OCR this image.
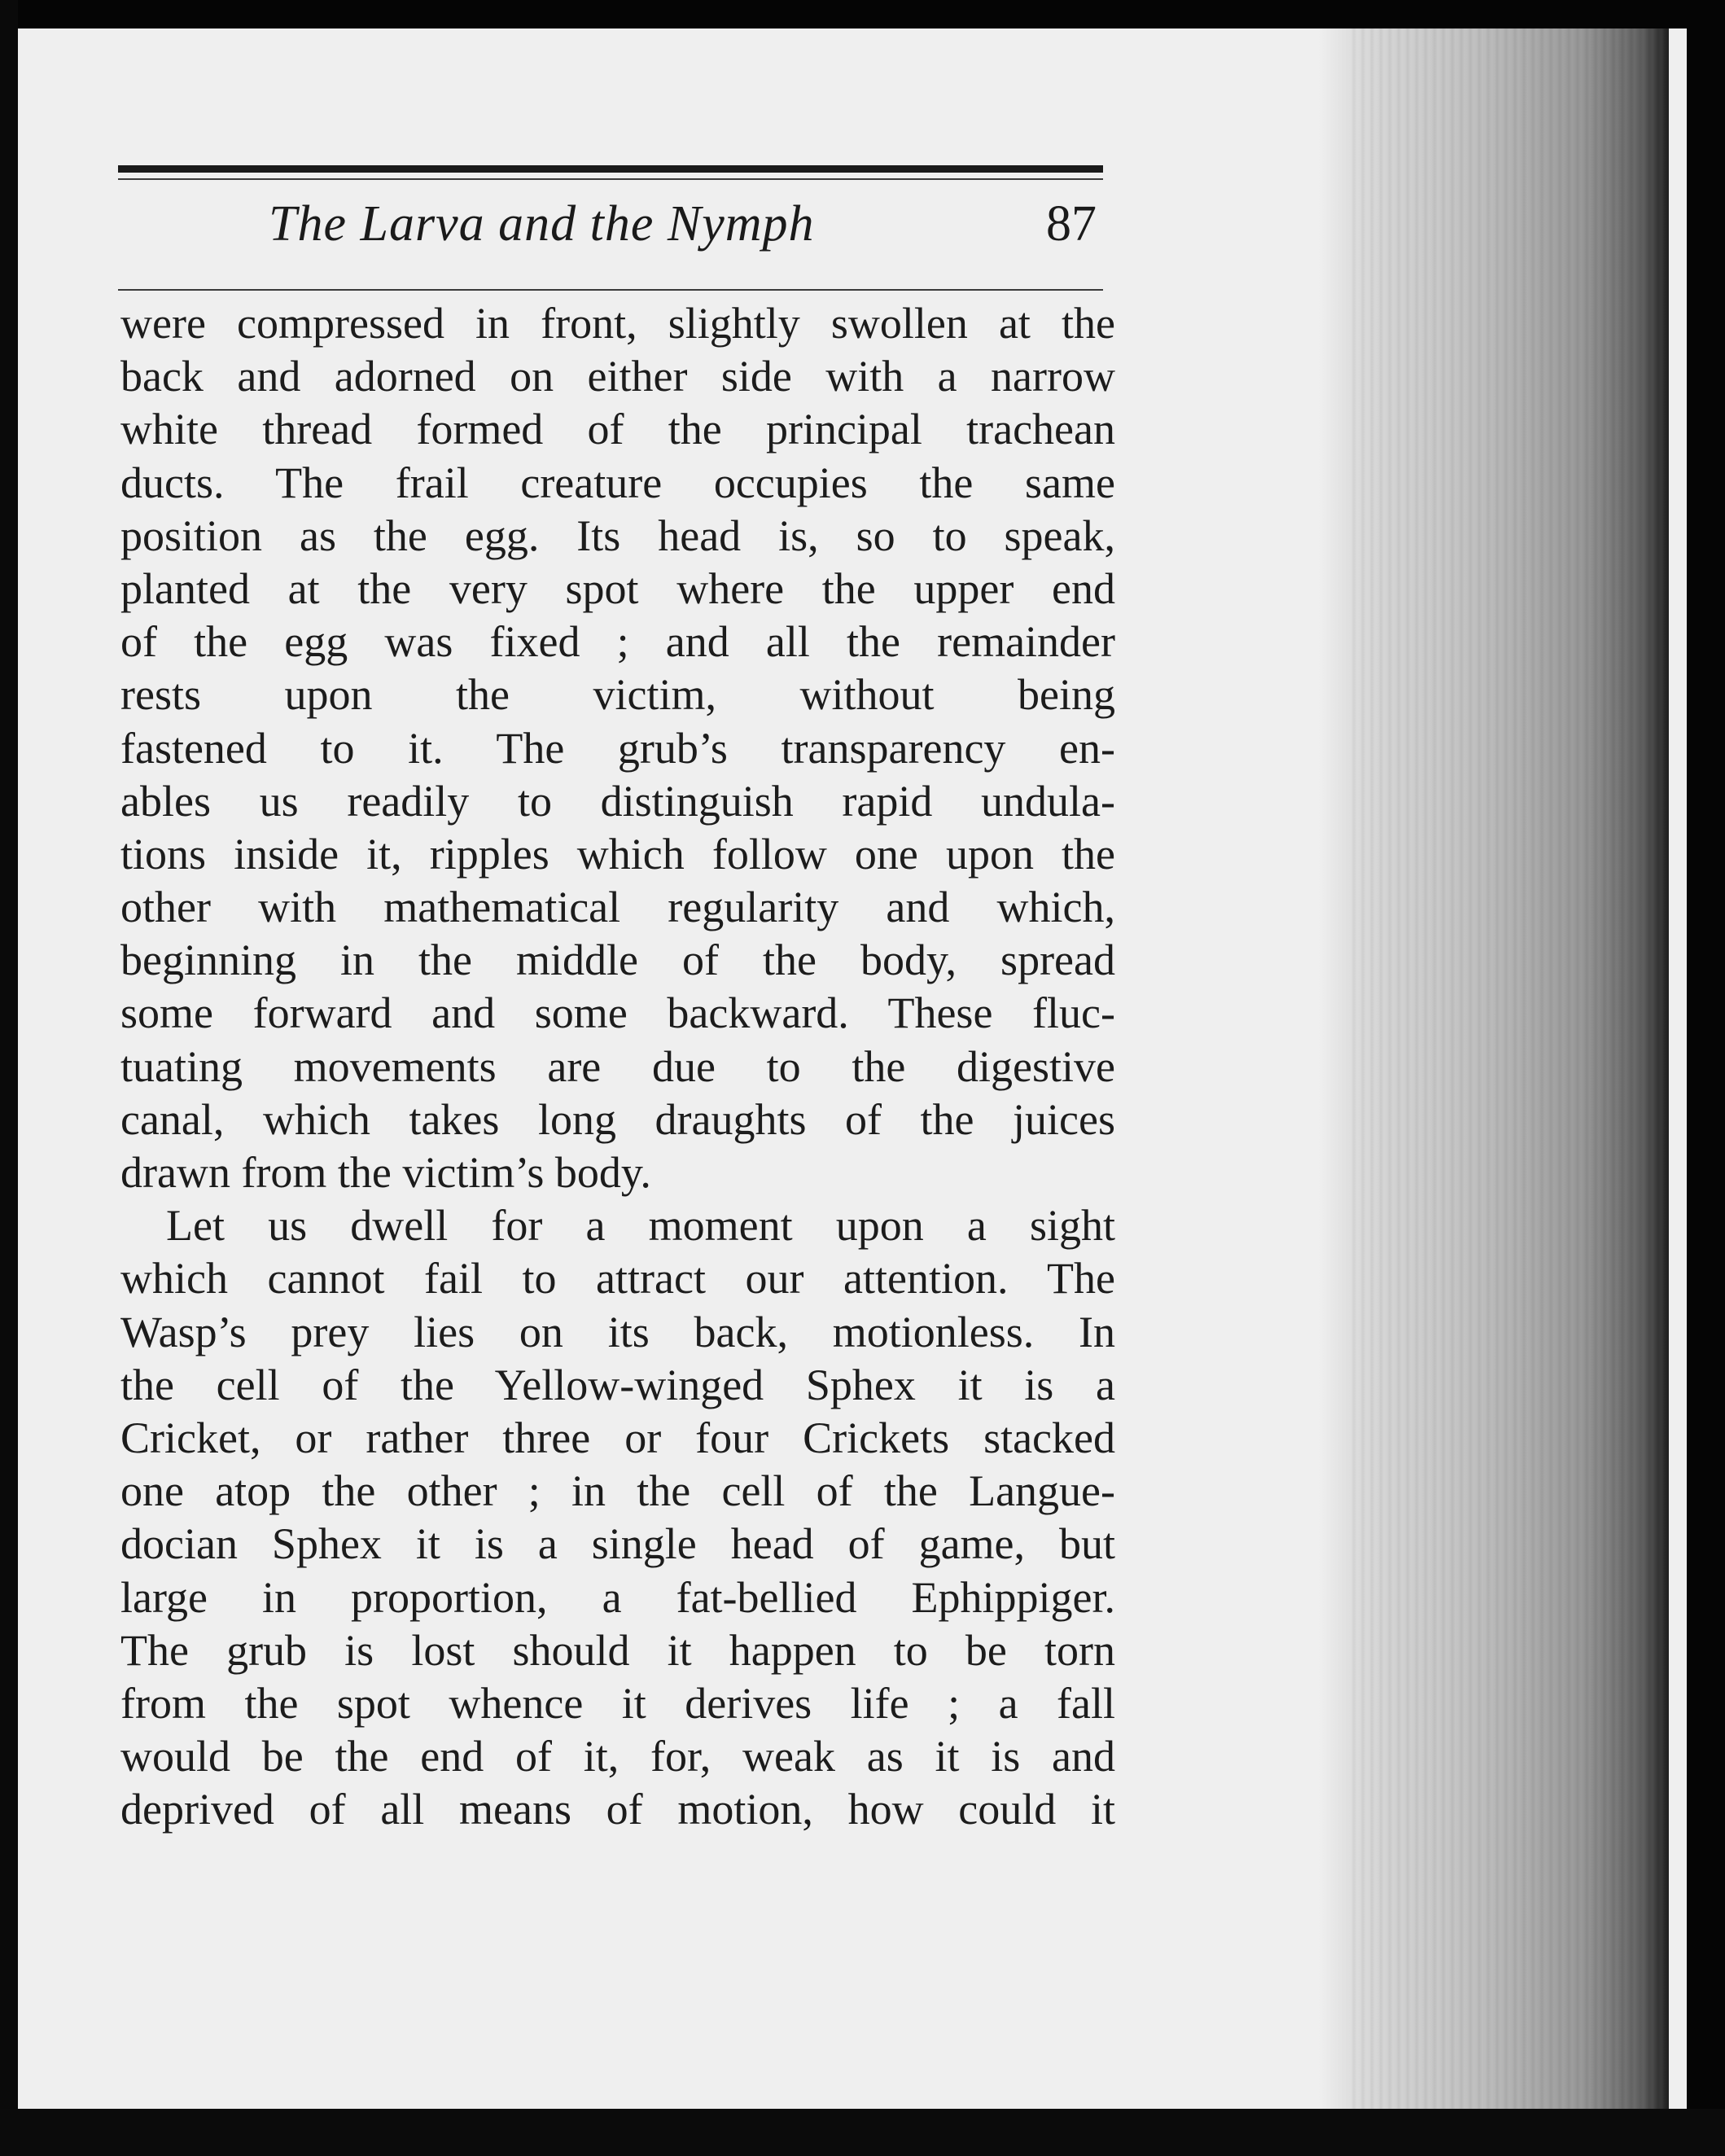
The Larva and the Nymph	87
were compressed in front, slightly swollen at the
back and adorned on either side with a narrow
white thread formed of the principal trachean
ducts. The frail creature occupies the same
position as the egg. Its head is, so to speak,
planted at the very spot where the upper end
of the egg was fixed ; and all the remainder
rests upon the victim, without being
fastened to it. The grub’s transparency en-
ables us readily to distinguish rapid undula-
tions inside it, ripples which follow one upon the
other with mathematical regularity and which,
beginning in the middle of the body, spread
some forward and some backward. These fluc-
tuating movements are due to the digestive
canal, which takes long draughts of the juices
drawn from the victim’s body.
Let us dwell for a moment upon a sight
which cannot fail to attract our attention. The
Wasp’s prey lies on its back, motionless. In
the cell of the Yellow-winged Sphex it is a
Cricket, or rather three or four Crickets stacked
one atop the other ; in the cell of the Langue-
docian Sphex it is a single head of game, but
large in proportion, a fat-bellied Ephippiger.
The grub is lost should it happen to be torn
from the spot whence it derives life ; a fall
would be the end of it, for, weak as it is and
deprived of all means of motion, how could it
